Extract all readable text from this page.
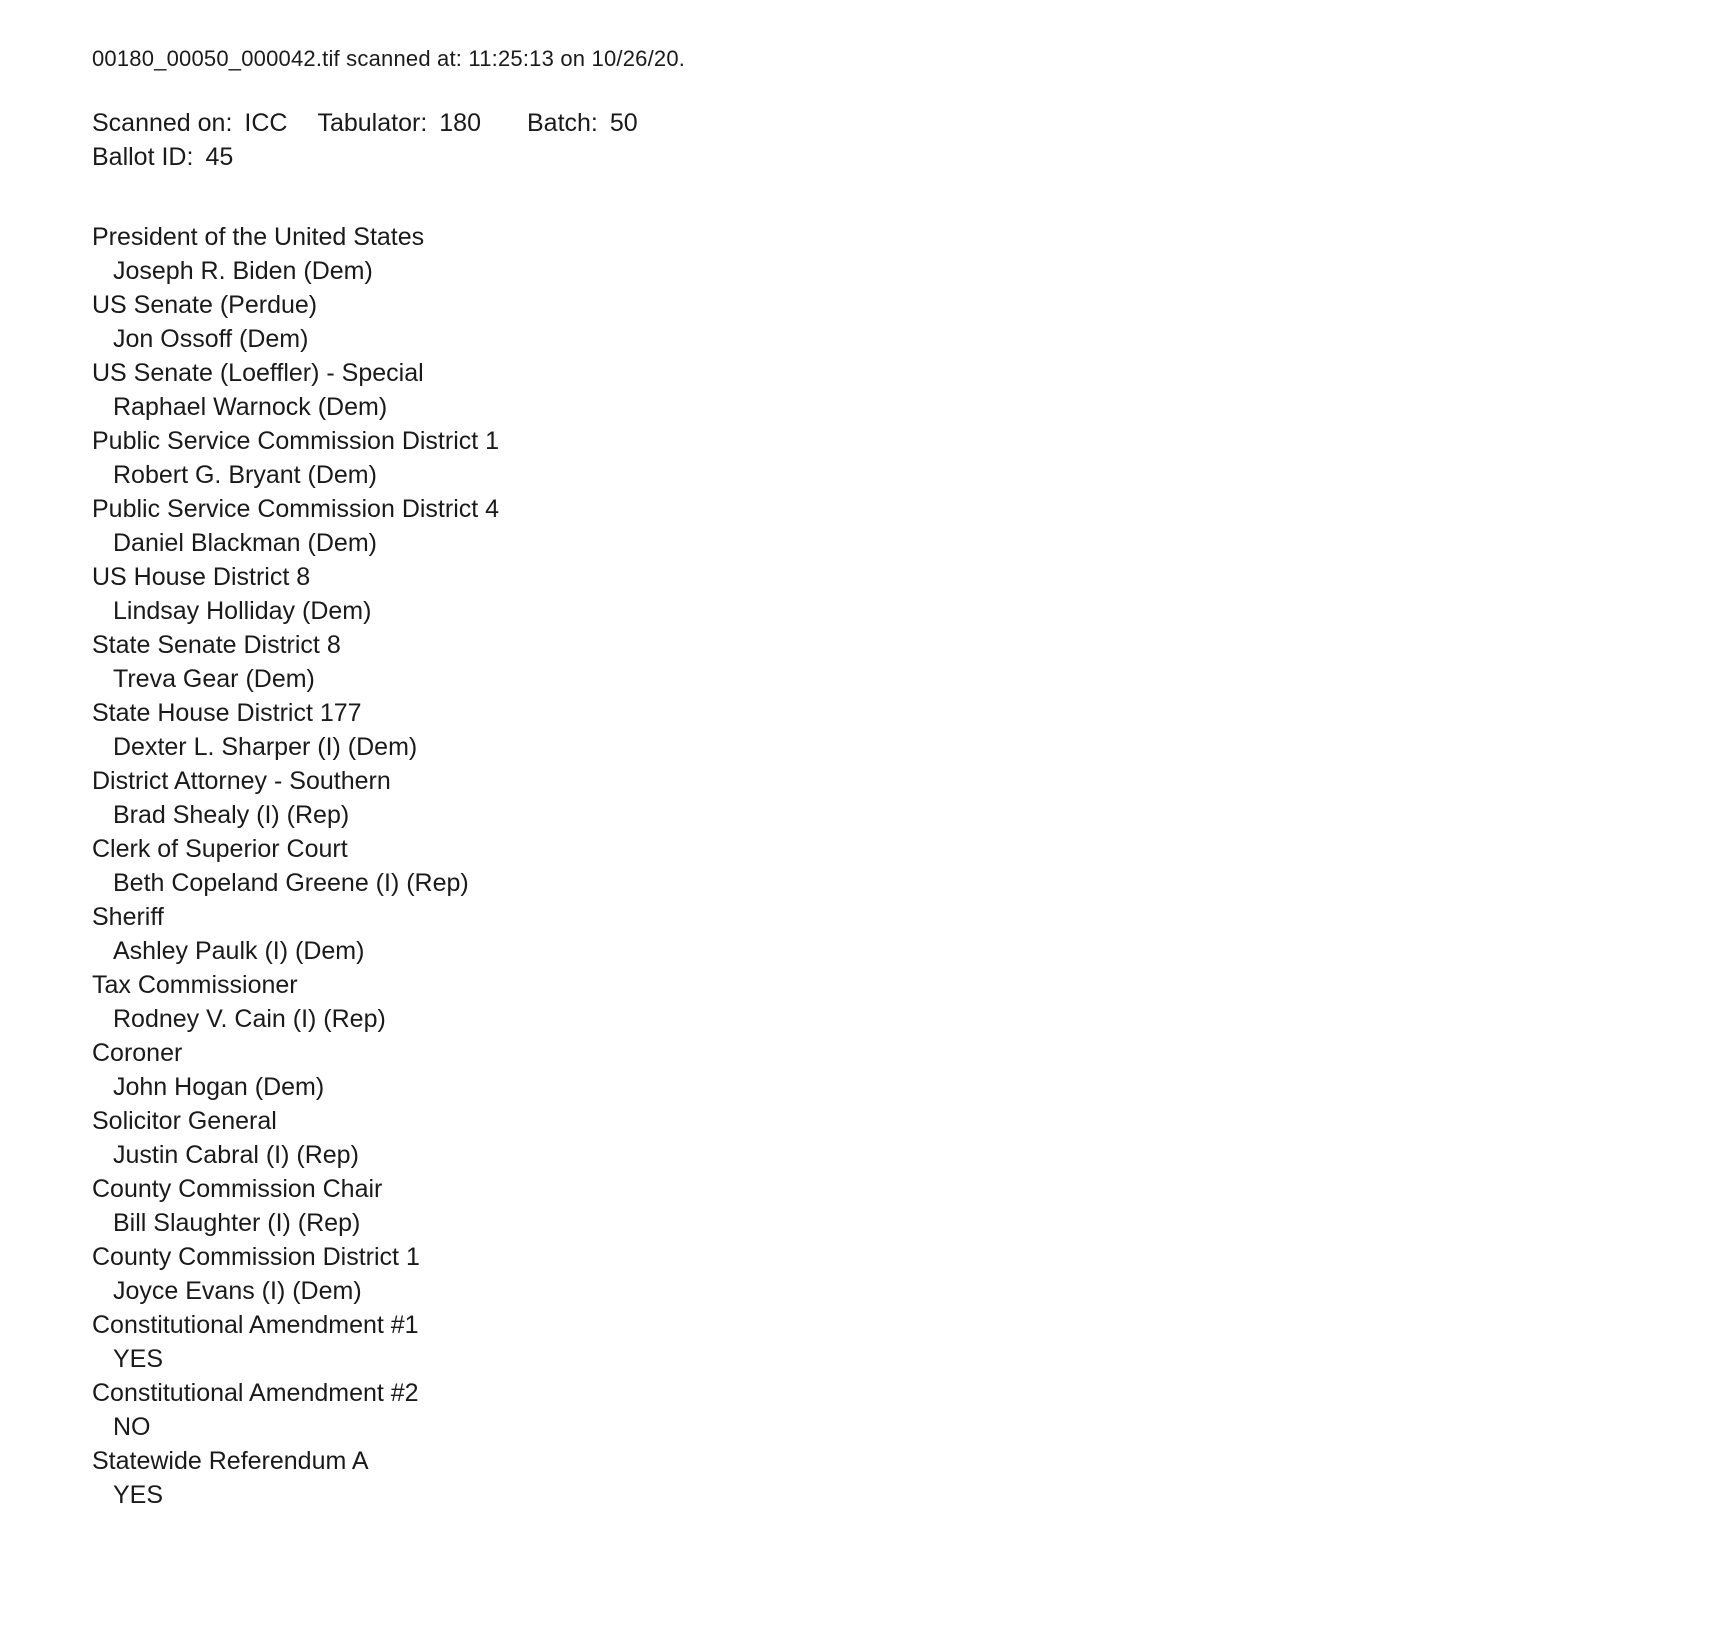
00180_00050_000042.tif scanned at: 11:25:13 on 10/26/20.
Scanned on: ICC Tabulator: 180 Batch: 50
Ballot ID: 45
President of the United States
Joseph R. Biden (Dem)
US Senate (Perdue)
Jon Ossoff (Dem)
US Senate (Loeffler) - Special
Raphael Warnock (Dem)
Public Service Commission District 1
Robert G. Bryant (Dem)
Public Service Commission District 4
Daniel Blackman (Dem)
US House District 8
Lindsay Holliday (Dem)
State Senate District 8
Treva Gear (Dem)
State House District 177
Dexter L. Sharper (I) (Dem)
District Attorney - Southern
Brad Shealy (I) (Rep)
Clerk of Superior Court
Beth Copeland Greene (I) (Rep)
Sheriff
Ashley Paulk (I) (Dem)
Tax Commissioner
Rodney V. Cain (I) (Rep)
Coroner
John Hogan (Dem)
Solicitor General
Justin Cabral (I) (Rep)
County Commission Chair
Bill Slaughter (I) (Rep)
County Commission District 1
Joyce Evans (I) (Dem)
Constitutional Amendment #1
YES
Constitutional Amendment #2
NO
Statewide Referendum A
YES
